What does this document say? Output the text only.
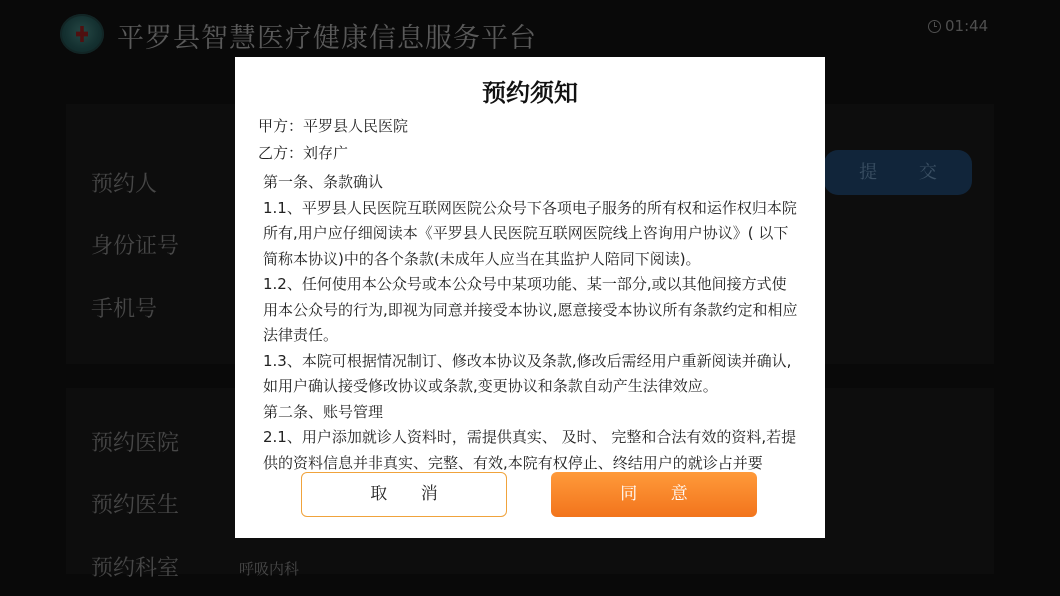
平罗县智慧医疗健康信息服务平台	01:44
预约人
身份证号
手机号
提 交
预约医院
预约医生
预约科室	呼吸内科
预约须知
甲方：平罗县人民医院
乙方：刘存广

第一条、条款确认

1.1、平罗县人民医院互联网医院公众号下各项电子服务的所有权和运作权归本院所有,用户应仔细阅读本《平罗县人民医院互联网医院线上咨询用户协议》( 以下简称本协议)中的各个条款(未成年人应当在其监护人陪同下阅读)。

1.2、任何使用本公众号或本公众号中某项功能、某一部分,或以其他间接方式使用本公众号的行为,即视为同意并接受本协议,愿意接受本协议所有条款约定和相应法律责任。

1.3、本院可根据情况制订、修改本协议及条款,修改后需经用户重新阅读并确认,如用户确认接受修改协议或条款,变更协议和条款自动产生法律效应。

第二条、账号管理

2.1、用户添加就诊人资料时，需提供真实、 及时、 完整和合法有效的资料,若提供的资料信息并非真实、完整、有效,本院有权停止、终结用户的就诊占并要

取 消	同 意
